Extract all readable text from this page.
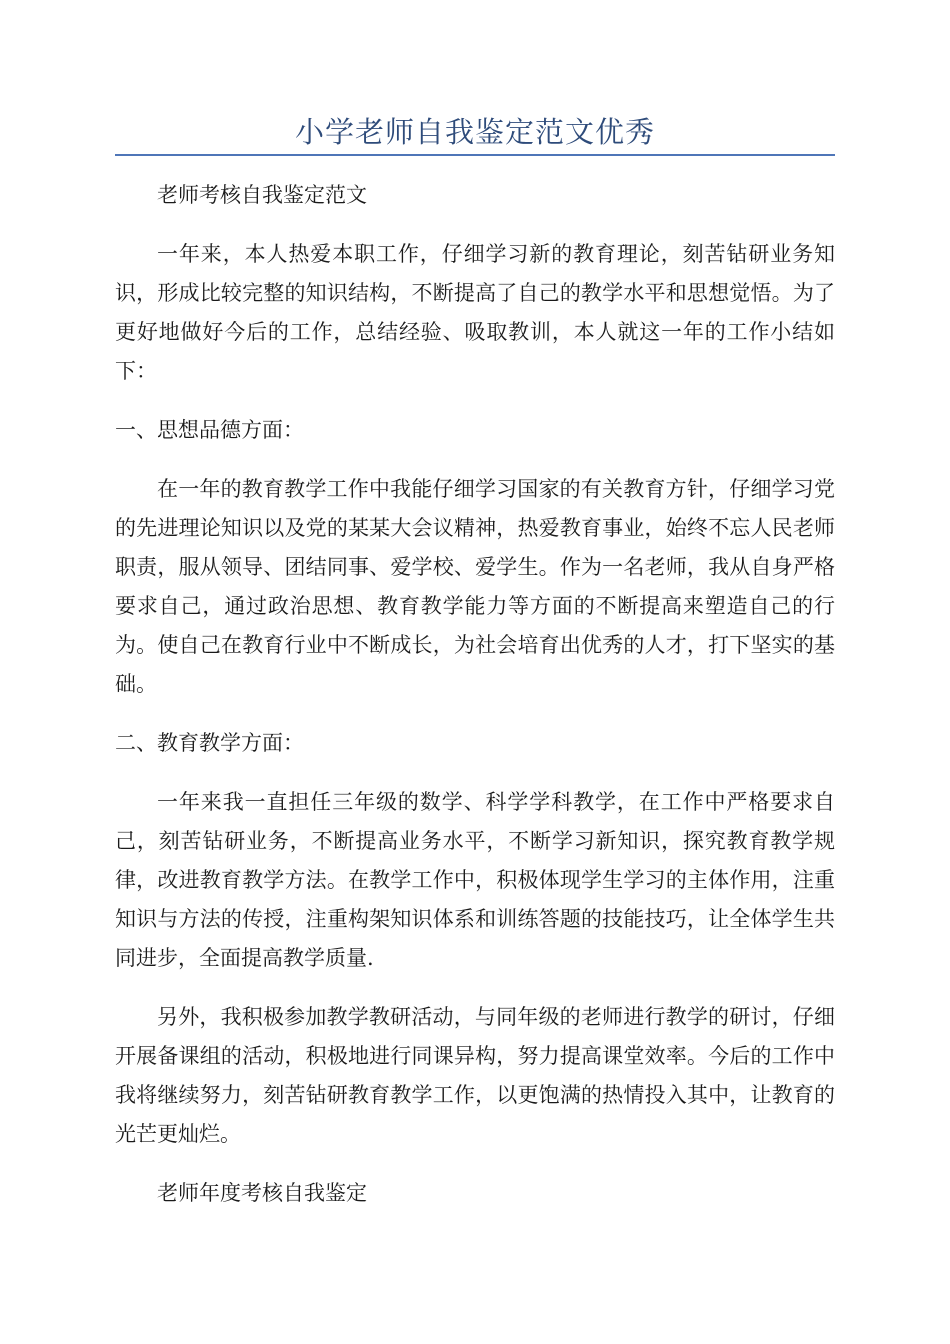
小学老师自我鉴定范文优秀

老师考核自我鉴定范文

一年来，本人热爱本职工作，仔细学习新的教育理论，刻苦钻研业务知识，形成比较完整的知识结构，不断提高了自己的教学水平和思想觉悟。为了更好地做好今后的工作，总结经验、吸取教训，本人就这一年的工作小结如下：

一、思想品德方面：

在一年的教育教学工作中我能仔细学习国家的有关教育方针，仔细学习党的先进理论知识以及党的某某大会议精神，热爱教育事业，始终不忘人民老师职责，服从领导、团结同事、爱学校、爱学生。作为一名老师，我从自身严格要求自己，通过政治思想、教育教学能力等方面的不断提高来塑造自己的行为。使自己在教育行业中不断成长，为社会培育出优秀的人才，打下坚实的基础。

二、教育教学方面：

一年来我一直担任三年级的数学、科学学科教学，在工作中严格要求自己，刻苦钻研业务，不断提高业务水平，不断学习新知识，探究教育教学规律，改进教育教学方法。在教学工作中，积极体现学生学习的主体作用，注重知识与方法的传授，注重构架知识体系和训练答题的技能技巧，让全体学生共同进步，全面提高教学质量.

另外，我积极参加教学教研活动，与同年级的老师进行教学的研讨，仔细开展备课组的活动，积极地进行同课异构，努力提高课堂效率。今后的工作中我将继续努力，刻苦钻研教育教学工作，以更饱满的热情投入其中，让教育的光芒更灿烂。

老师年度考核自我鉴定
